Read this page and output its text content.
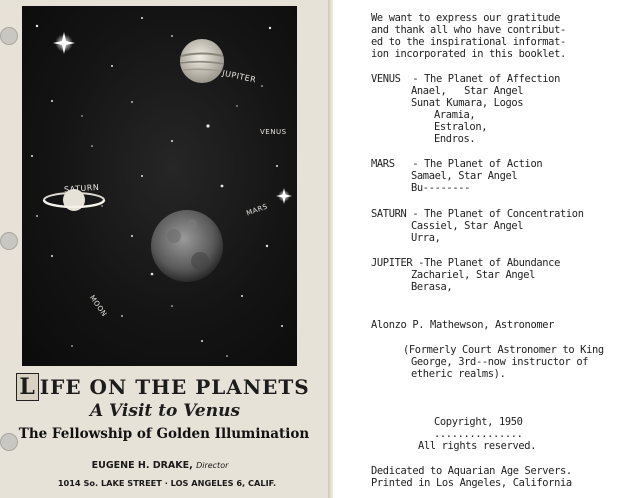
JUPITER
VENUS
SATURN
MARS
MOON
L IFE ON THE PLANETS
A Visit to Venus
The Fellowship of Golden Illumination
EUGENE H. DRAKE, Director
1014 So. LAKE STREET · LOS ANGELES 6, CALIF.
We want to express our gratitude
and thank all who have contribut-
ed to the inspirational informat-
ion incorporated in this booklet.
VENUS  - The Planet of Affection
Anael,   Star Angel
Sunat Kumara, Logos
Aramia,
Estralon,
Endros.
MARS   - The Planet of Action
Samael, Star Angel
Bu--------
SATURN - The Planet of Concentration
Cassiel, Star Angel
Urra,
JUPITER -The Planet of Abundance
Zachariel, Star Angel
Berasa,
Alonzo P. Mathewson, Astronomer
(Formerly Court Astronomer to King
George, 3rd--now instructor of
etheric realms).
Copyright, 1950
...............
All rights reserved.
Dedicated to Aquarian Age Servers.
Printed in Los Angeles, California
